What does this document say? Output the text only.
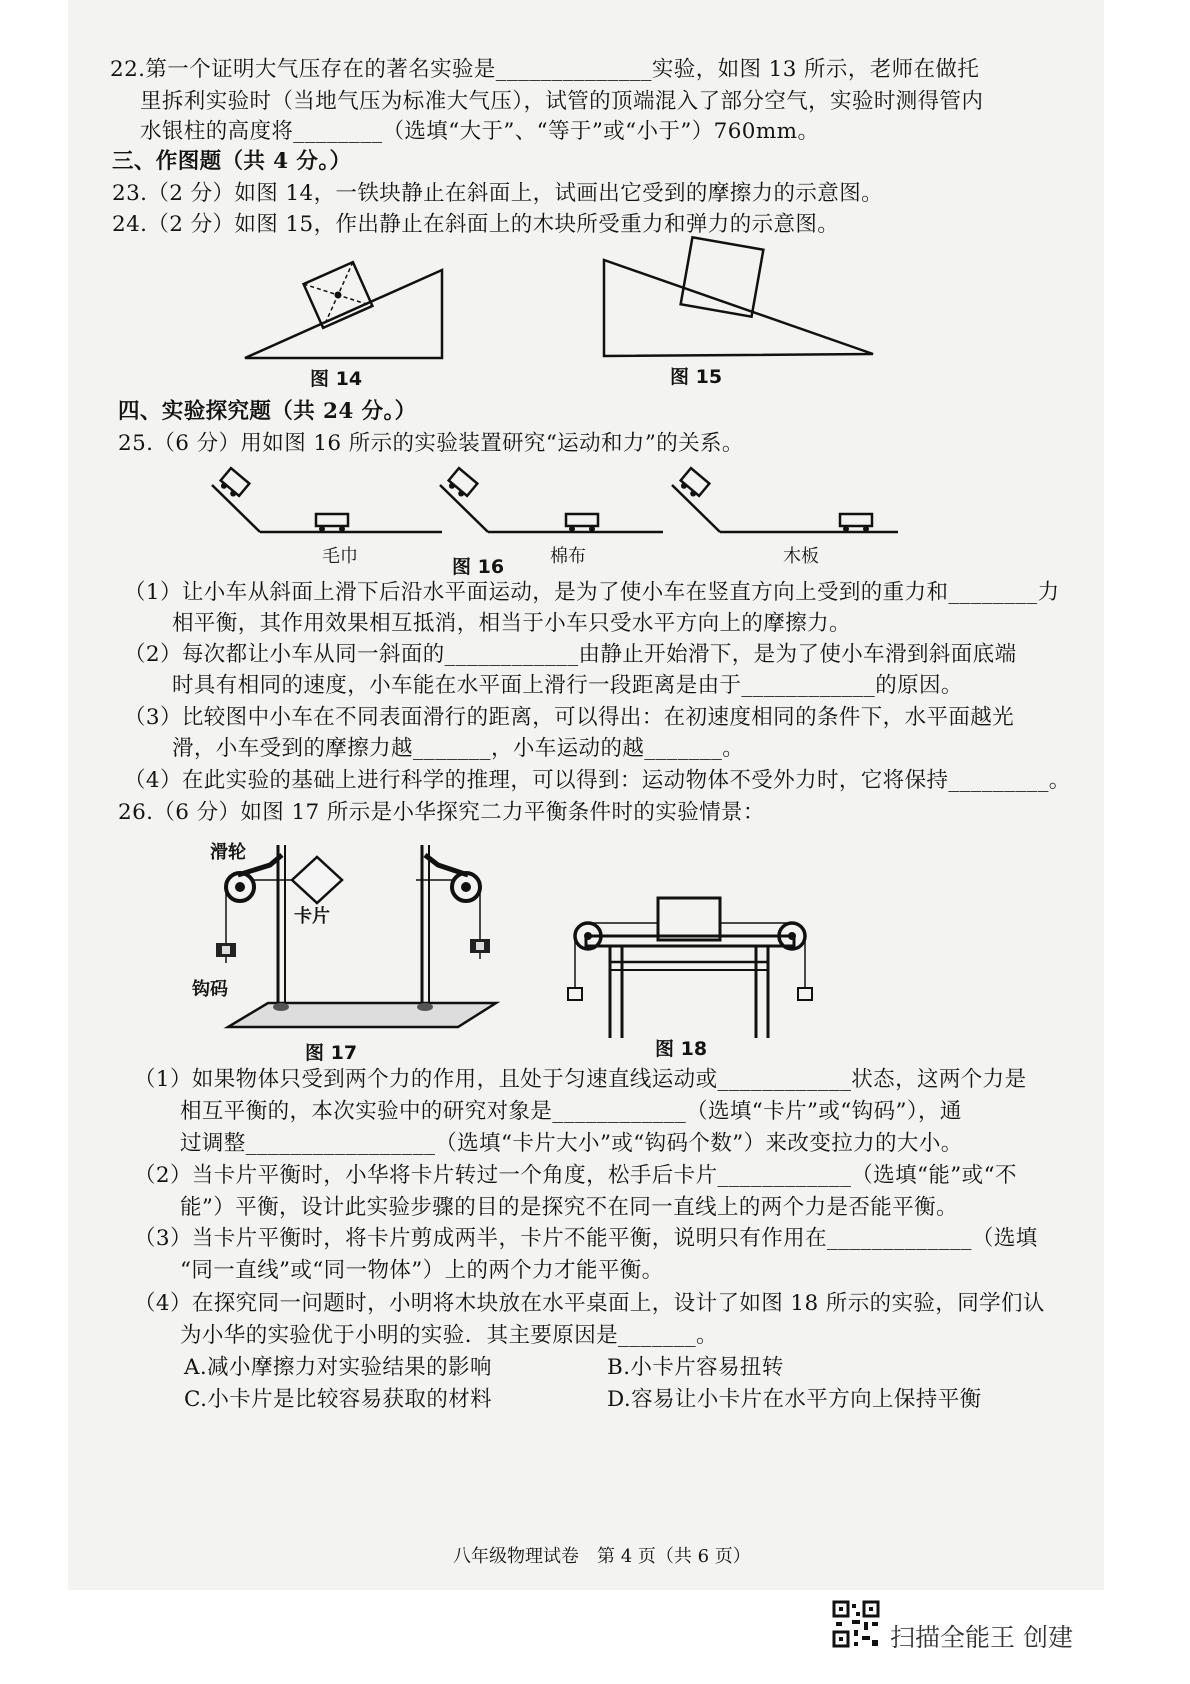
22.第一个证明大气压存在的著名实验是______________实验，如图 13 所示，老师在做托
里拆利实验时（当地气压为标准大气压），试管的顶端混入了部分空气，实验时测得管内
水银柱的高度将________（选填“大于”、“等于”或“小于”）760mm。
三、作图题（共 4 分。）
23.（2 分）如图 14，一铁块静止在斜面上，试画出它受到的摩擦力的示意图。
24.（2 分）如图 15，作出静止在斜面上的木块所受重力和弹力的示意图。
图 14	图 15
四、实验探究题（共 24 分。）
25.（6 分）用如图 16 所示的实验装置研究“运动和力”的关系。
毛巾	图 16	棉布	木板
（1）让小车从斜面上滑下后沿水平面运动，是为了使小车在竖直方向上受到的重力和________力
相平衡，其作用效果相互抵消，相当于小车只受水平方向上的摩擦力。
（2）每次都让小车从同一斜面的____________由静止开始滑下，是为了使小车滑到斜面底端
时具有相同的速度，小车能在水平面上滑行一段距离是由于____________的原因。
（3）比较图中小车在不同表面滑行的距离，可以得出：在初速度相同的条件下，水平面越光
滑，小车受到的摩擦力越_______，小车运动的越_______。
（4）在此实验的基础上进行科学的推理，可以得到：运动物体不受外力时，它将保持_________。
26.（6 分）如图 17 所示是小华探究二力平衡条件时的实验情景：
滑轮
卡片
钩码
图 17	图 18
（1）如果物体只受到两个力的作用，且处于匀速直线运动或____________状态，这两个力是
相互平衡的，本次实验中的研究对象是____________（选填“卡片”或“钩码”），通
过调整_________________（选填“卡片大小”或“钩码个数”）来改变拉力的大小。
（2）当卡片平衡时，小华将卡片转过一个角度，松手后卡片____________（选填“能”或“不
能”）平衡，设计此实验步骤的目的是探究不在同一直线上的两个力是否能平衡。
（3）当卡片平衡时，将卡片剪成两半，卡片不能平衡，说明只有作用在_____________（选填
“同一直线”或“同一物体”）上的两个力才能平衡。
（4）在探究同一问题时，小明将木块放在水平桌面上，设计了如图 18 所示的实验，同学们认
为小华的实验优于小明的实验．其主要原因是_______。
A.减小摩擦力对实验结果的影响	B.小卡片容易扭转
C.小卡片是比较容易获取的材料	D.容易让小卡片在水平方向上保持平衡
八年级物理试卷　第 4 页（共 6 页）
扫描全能王 创建
